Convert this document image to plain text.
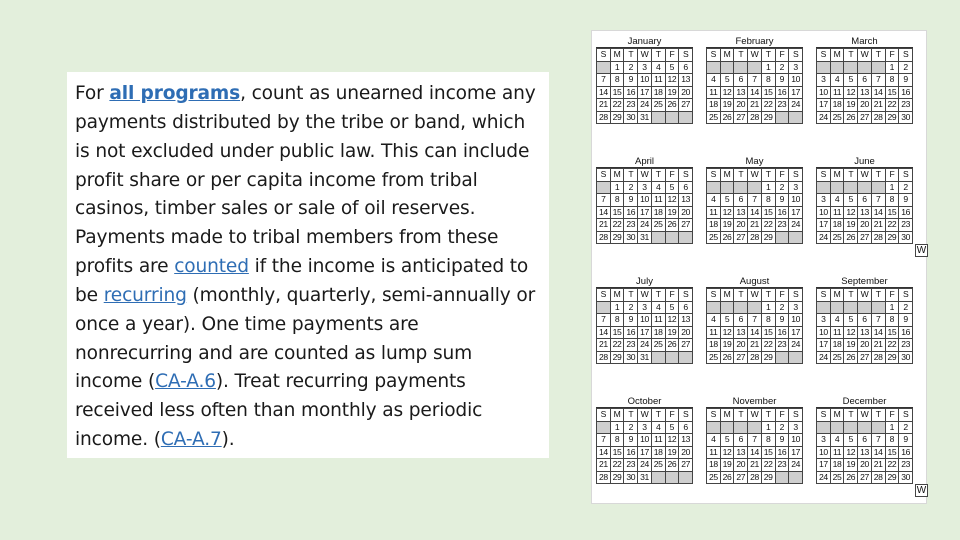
For all programs, count as unearned income any payments distributed by the tribe or band, which is not excluded under public law. This can include profit share or per capita income from tribal casinos, timber sales or sale of oil reserves. Payments made to tribal members from these profits are counted if the income is anticipated to be recurring (monthly, quarterly, semi-annually or once a year). One time payments are nonrecurring and are counted as lump sum income (CA-A.6). Treat recurring payments received less often than monthly as periodic income. (CA-A.7).

January
S	M	T	W	T	F	S
	1	2	3	4	5	6
7	8	9	10	11	12	13
14	15	16	17	18	19	20
21	22	23	24	25	26	27
28	29	30	31			
February
S	M	T	W	T	F	S
				1	2	3
4	5	6	7	8	9	10
11	12	13	14	15	16	17
18	19	20	21	22	23	24
25	26	27	28	29		
March
S	M	T	W	T	F	S
					1	2
3	4	5	6	7	8	9
10	11	12	13	14	15	16
17	18	19	20	21	22	23
24	25	26	27	28	29	30
April
S	M	T	W	T	F	S
	1	2	3	4	5	6
7	8	9	10	11	12	13
14	15	16	17	18	19	20
21	22	23	24	25	26	27
28	29	30	31			
May
S	M	T	W	T	F	S
				1	2	3
4	5	6	7	8	9	10
11	12	13	14	15	16	17
18	19	20	21	22	23	24
25	26	27	28	29		
June
S	M	T	W	T	F	S
					1	2
3	4	5	6	7	8	9
10	11	12	13	14	15	16
17	18	19	20	21	22	23
24	25	26	27	28	29	30
July
S	M	T	W	T	F	S
	1	2	3	4	5	6
7	8	9	10	11	12	13
14	15	16	17	18	19	20
21	22	23	24	25	26	27
28	29	30	31			
August
S	M	T	W	T	F	S
				1	2	3
4	5	6	7	8	9	10
11	12	13	14	15	16	17
18	19	20	21	22	23	24
25	26	27	28	29		
September
S	M	T	W	T	F	S
					1	2
3	4	5	6	7	8	9
10	11	12	13	14	15	16
17	18	19	20	21	22	23
24	25	26	27	28	29	30
October
S	M	T	W	T	F	S
	1	2	3	4	5	6
7	8	9	10	11	12	13
14	15	16	17	18	19	20
21	22	23	24	25	26	27
28	29	30	31			
November
S	M	T	W	T	F	S
				1	2	3
4	5	6	7	8	9	10
11	12	13	14	15	16	17
18	19	20	21	22	23	24
25	26	27	28	29		
December
S	M	T	W	T	F	S
					1	2
3	4	5	6	7	8	9
10	11	12	13	14	15	16
17	18	19	20	21	22	23
24	25	26	27	28	29	30
W
W
